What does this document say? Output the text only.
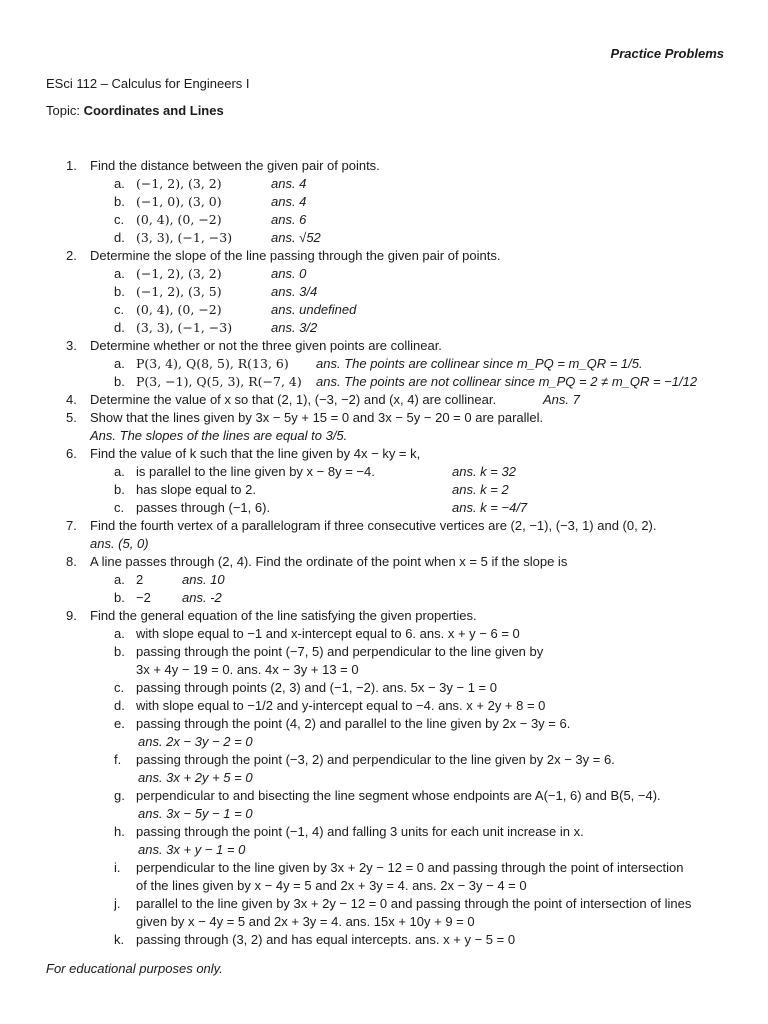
Practice Problems
ESci 112 – Calculus for Engineers I
Topic: Coordinates and Lines
1. Find the distance between the given pair of points.
a. (−1, 2), (3, 2)	ans. 4
b. (−1, 0), (3, 0)	ans. 4
c. (0, 4), (0, −2)	ans. 6
d. (3, 3), (−1, −3)	ans. √52
2. Determine the slope of the line passing through the given pair of points.
a. (−1, 2), (3, 2)	ans. 0
b. (−1, 2), (3, 5)	ans. 3/4
c. (0, 4), (0, −2)	ans. undefined
d. (3, 3), (−1, −3)	ans. 3/2
3. Determine whether or not the three given points are collinear.
a. P(3, 4), Q(8, 5), R(13, 6) ans. The points are collinear since m_PQ = m_QR = 1/5.
b. P(3, −1), Q(5, 3), R(−7, 4) ans. The points are not collinear since m_PQ = 2 ≠ m_QR = −1/12
4. Determine the value of x so that (2, 1), (−3, −2) and (x, 4) are collinear.	Ans. 7
5. Show that the lines given by 3x − 5y + 15 = 0 and 3x − 5y − 20 = 0 are parallel.
Ans. The slopes of the lines are equal to 3/5.
6. Find the value of k such that the line given by 4x − ky = k,
a. is parallel to the line given by x − 8y = −4.	ans. k = 32
b. has slope equal to 2.	ans. k = 2
c. passes through (−1, 6).	ans. k = −4/7
7. Find the fourth vertex of a parallelogram if three consecutive vertices are (2, −1), (−3, 1) and (0, 2).
ans. (5, 0)
8. A line passes through (2, 4). Find the ordinate of the point when x = 5 if the slope is
a. 2	ans. 10
b. −2 ans. -2
9. Find the general equation of the line satisfying the given properties.
a. with slope equal to −1 and x-intercept equal to 6. ans. x + y − 6 = 0
b. passing through the point (−7, 5) and perpendicular to the line given by
3x + 4y − 19 = 0. ans. 4x − 3y + 13 = 0
c. passing through points (2, 3) and (−1, −2). ans. 5x − 3y − 1 = 0
d. with slope equal to −1/2 and y-intercept equal to −4. ans. x + 2y + 8 = 0
e. passing through the point (4, 2) and parallel to the line given by 2x − 3y = 6.
ans. 2x − 3y − 2 = 0
f. passing through the point (−3, 2) and perpendicular to the line given by 2x − 3y = 6.
ans. 3x + 2y + 5 = 0
g. perpendicular to and bisecting the line segment whose endpoints are A(−1, 6) and B(5, −4).
ans. 3x − 5y − 1 = 0
h. passing through the point (−1, 4) and falling 3 units for each unit increase in x.
ans. 3x + y − 1 = 0
i. perpendicular to the line given by 3x + 2y − 12 = 0 and passing through the point of intersection
of the lines given by x − 4y = 5 and 2x + 3y = 4. ans. 2x − 3y − 4 = 0
j. parallel to the line given by 3x + 2y − 12 = 0 and passing through the point of intersection of lines
given by x − 4y = 5 and 2x + 3y = 4. ans. 15x + 10y + 9 = 0
k. passing through (3, 2) and has equal intercepts. ans. x + y − 5 = 0
For educational purposes only.
